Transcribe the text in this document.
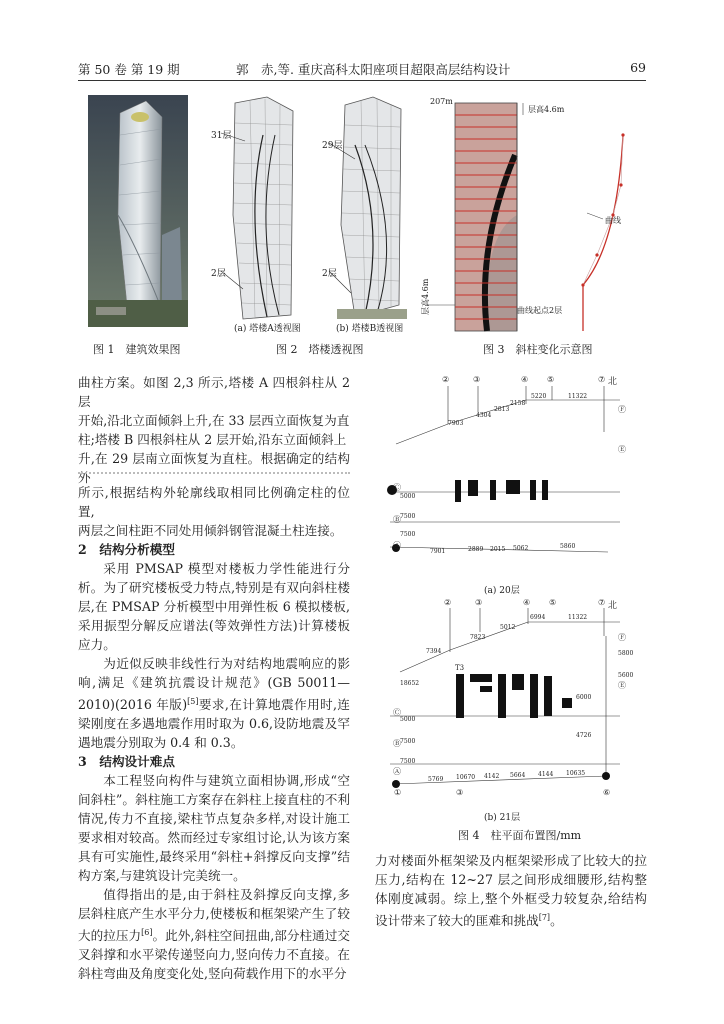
第 50 卷 第 19 期	郭　赤,等. 重庆高科太阳座项目超限高层结构设计	69
图 1　建筑效果图
31层
2层
29层
2层
(a) 塔楼A透视图	(b) 塔楼B透视图
图 2　塔楼透视图
207m
层高4.6m
曲线
曲线起点2层
层高4.6m
图 3　斜柱变化示意图

曲柱方案。如图 2,3 所示,塔楼 A 四根斜柱从 2 层

开始,沿北立面倾斜上升,在 33 层西立面恢复为直

柱;塔楼 B 四根斜柱从 2 层开始,沿东立面倾斜上

升,在 29 层南立面恢复为直柱。根据确定的结构外

所示,根据结构外轮廓线取相同比例确定柱的位置,

两层之间柱距不同处用倾斜钢管混凝土柱连接。

2　结构分析模型

采用 PMSAP 模型对楼板力学性能进行分析。为了研究楼板受力特点,特别是有双向斜柱楼层,在 PMSAP 分析模型中用弹性板 6 模拟楼板,采用振型分解反应谱法(等效弹性方法)计算楼板应力。

为近似反映非线性行为对结构地震响应的影响,满足《建筑抗震设计规范》(GB 50011—2010)(2016 年版)[5]要求,在计算地震作用时,连梁刚度在多遇地震作用时取为 0.6,设防地震及罕遇地震分别取为 0.4 和 0.3。

3　结构设计难点

本工程竖向构件与建筑立面相协调,形成“空间斜柱”。斜柱施工方案存在斜柱上接直柱的不利情况,传力不直接,梁柱节点复杂多样,对设计施工要求相对较高。然而经过专家组讨论,认为该方案具有可实施性,最终采用“斜柱+斜撑反向支撑”结构方案,与建筑设计完美统一。

值得指出的是,由于斜柱及斜撑反向支撑,多层斜柱底产生水平分力,使楼板和框架梁产生了较大的拉压力[6]。此外,斜柱空间扭曲,部分柱通过交叉斜撑和水平梁传递竖向力,竖向传力不直接。在斜柱弯曲及角度变化处,竖向荷载作用下的水平分

(a) 20层
(b) 21层
北
北
图 4　柱平面布置图/mm
②	③	④ ⑤	⑦
Ⓕ
Ⓔ
Ⓒ
Ⓑ
Ⓐ
7903
4304
2813
2158
5220	11322
5000
7500
7500
7901	2889 2015 5062	5860
②	③	④ ⑤	⑦
Ⓕ
Ⓔ
Ⓒ
Ⓑ
Ⓐ
①	③	⑥
7394
7823
5012
6994	11322
T3
18652
5000
7500
7500
5800
5600
6000
4726
5769 10670 4142 5664 4144 10635

力对楼面外框架梁及内框架梁形成了比较大的拉压力,结构在 12~27 层之间形成细腰形,结构整体刚度减弱。综上,整个外框受力较复杂,给结构设计带来了较大的匪难和挑战[7]。
